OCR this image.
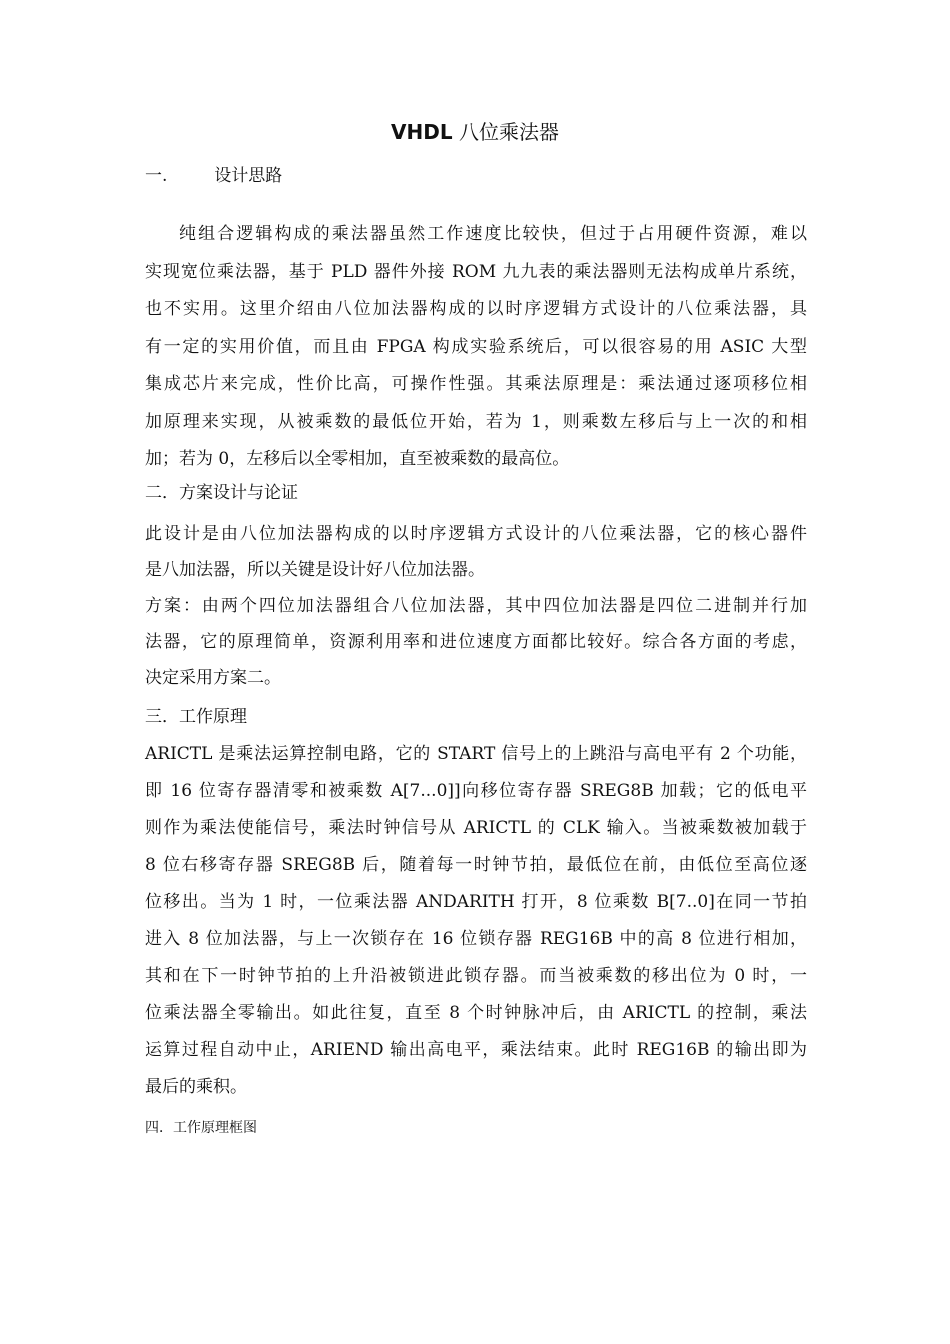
VHDL 八位乘法器
一.	设计思路
纯组合逻辑构成的乘法器虽然工作速度比较快，但过于占用硬件资源，难以
实现宽位乘法器，基于 PLD 器件外接 ROM 九九表的乘法器则无法构成单片系统，
也不实用。这里介绍由八位加法器构成的以时序逻辑方式设计的八位乘法器，具
有一定的实用价值，而且由 FPGA 构成实验系统后，可以很容易的用 ASIC 大型
集成芯片来完成，性价比高，可操作性强。其乘法原理是：乘法通过逐项移位相
加原理来实现，从被乘数的最低位开始，若为 1，则乘数左移后与上一次的和相
加；若为 0，左移后以全零相加，直至被乘数的最高位。
二．方案设计与论证
此设计是由八位加法器构成的以时序逻辑方式设计的八位乘法器，它的核心器件
是八加法器，所以关键是设计好八位加法器。
方案：由两个四位加法器组合八位加法器，其中四位加法器是四位二进制并行加
法器，它的原理简单，资源利用率和进位速度方面都比较好。综合各方面的考虑，
决定采用方案二。
三．工作原理
ARICTL 是乘法运算控制电路，它的 START 信号上的上跳沿与高电平有 2 个功能，
即 16 位寄存器清零和被乘数 A[7...0]]向移位寄存器 SREG8B 加载；它的低电平
则作为乘法使能信号，乘法时钟信号从 ARICTL 的 CLK 输入。当被乘数被加载于
8 位右移寄存器 SREG8B 后，随着每一时钟节拍，最低位在前，由低位至高位逐
位移出。当为 1 时，一位乘法器 ANDARITH 打开，8 位乘数 B[7..0]在同一节拍
进入 8 位加法器，与上一次锁存在 16 位锁存器 REG16B 中的高 8 位进行相加，
其和在下一时钟节拍的上升沿被锁进此锁存器。而当被乘数的移出位为 0 时，一
位乘法器全零输出。如此往复，直至 8 个时钟脉冲后，由 ARICTL 的控制，乘法
运算过程自动中止，ARIEND 输出高电平，乘法结束。此时 REG16B 的输出即为
最后的乘积。
四．工作原理框图
